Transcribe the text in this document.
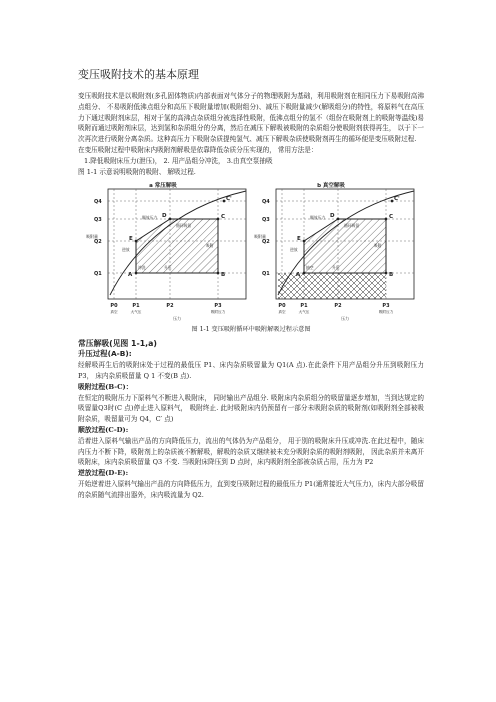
变压吸附技术的基本原理

变压吸附技术是以吸附剂(多孔固体物质)内部表面对气体分子的物理吸附为基础，利用吸附剂在相同压力下易吸附高沸点组分、 不易吸附低沸点组分和高压下吸附量增加(吸附组分)、减压下吸附量减少(解吸组分)的特性，将原料气在高压力下通过吸附剂床层，相对于氢的高沸点杂质组分被选择性吸附，低沸点组分的氢不（组份在吸附剂上的吸附等温线)易吸附而通过吸附剂床层，达到氢和杂质组分的分离，然后在减压下解吸被吸附的杂质组分使吸附剂获得再生， 以于下一次再次进行吸附分离杂质。这种高压力下吸附杂质提纯氢气、减压下解吸杂质使吸附剂再生的循环便是变压吸附过程.

在变压吸附过程中吸附床内吸附剂解吸是依靠降低杂质分压实现的， 常用方法是：

1.降低吸附床压力(泄压)， 2. 用产品组分冲洗， 3.由真空泵抽吸
图 1-1 示意说明吸附的吸附、 解吸过程.
a 常压解吸
A	B
C
C'
D
E
Q4
Q3
Q2
Q1
P0	P1	P2	P3
真空	大气压	吸附压力
压力
吸附量
顺放压力
循环吸留
吸附
逆放
冲洗	升压
b 真空解吸
A	B
C
C'
D
E
Q4
Q3
Q2
Q1
P0	P1	P2	P3
真空	大气压	吸附压力
压力
吸附量
顺放压力
循环吸留
吸附
逆放
抽空	升压
图 1-1 变压吸附循环中吸附解吸过程示意图
常压解吸(见图 1-1,a)
升压过程(A-B):

经解吸再生后的吸附床处于过程的最低压 P1、床内杂质吸留量为 Q1(A 点).在此条件下用产品组分升压到吸附压力 P3， 床内杂质吸留量 Q 1 不变(B 点).

吸附过程(B-C)：

在恒定的吸附压力下原料气不断进入吸附床， 同时输出产品组分. 吸附床内杂质组分的吸留量逐步增加，当到达规定的吸留量Q3时(C 点)停止进入原料气， 吸附终止. 此时吸附床内仍预留有一部分未吸附杂质的吸附剂(如吸附剂全部被吸附杂质，吸留量可为 Q4，C′ 点)

顺放过程(C-D):

沿着进入原料气输出产品的方向降低压力，流出的气体仍为产品组分， 用于别的吸附床升压或冲洗.在此过程中，随床内压力不断下降，吸附剂上的杂质被不断解吸，解吸的杂质又继续被未充分吸附杂质的吸附剂吸附， 因此杂质并未离开吸附床，床内杂质吸留量 Q3 不变. 当吸附床降压到 D 点时，床内吸附剂全部被杂质占用，压力为 P2

逆放过程(D-E):

开始逆着进入原料气输出产品的方向降低压力，直到变压吸附过程的最低压力 P1(通常接近大气压力)，床内大部分吸留的杂质随气流排出器外，床内吸流量为 Q2.
